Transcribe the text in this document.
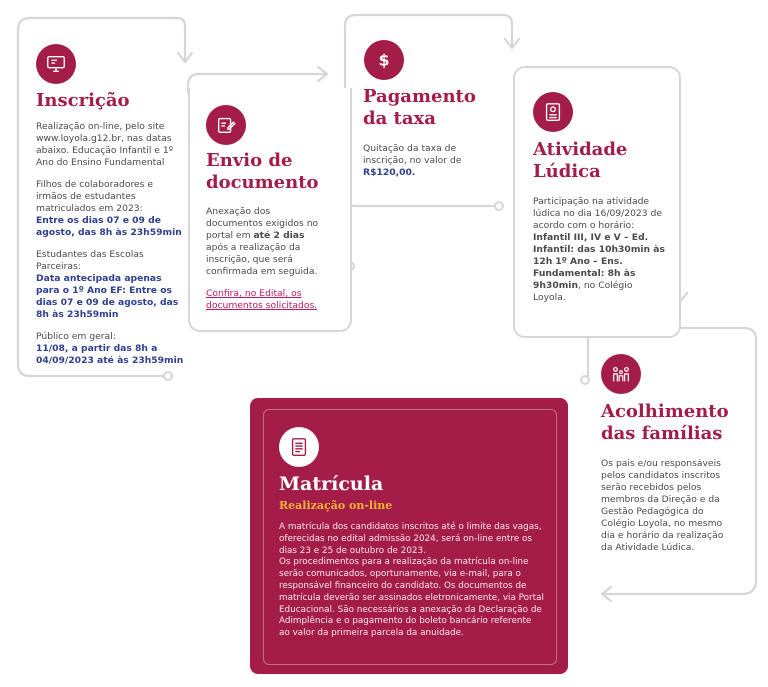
Inscrição

Realização on-line, pelo site www.loyola.g12.br, nas datas abaixo. Educação Infantil e 1º Ano do Ensino Fundamental

Filhos de colaboradores e irmãos de estudantes matriculados em 2023:
Entre os dias 07 e 09 de agosto, das 8h às 23h59min

Estudantes das Escolas Parceiras:
Data antecipada apenas para o 1º Ano EF: Entre os dias 07 e 09 de agosto, das 8h às 23h59min

Público em geral:
11/08, a partir das 8h a 04/09/2023 até às 23h59min

Envio de
documento

Anexação dos documentos exigidos no portal em até 2 dias após a realização da inscrição, que será confirmada em seguida.

Confira, no Edital, os documentos solicitados.

$
Pagamento
da taxa
Quitação da taxa de inscrição, no valor de
R$120,00.
Atividade
Lúdica
Participação na atividade lúdica no dia 16/09/2023 de acordo com o horário: Infantil III, IV e V – Ed. Infantil: das 10h30min às 12h 1º Ano – Ens. Fundamental: 8h às 9h30min, no Colégio Loyola.
Acolhimento
das famílias
Os pais e/ou responsáveis pelos candidatos inscritos serão recebidos pelos membros da Direção e da Gestão Pedagógica do Colégio Loyola, no mesmo dia e horário da realização da Atividade Lúdica.
Matrícula
Realização on-line

A matrícula dos candidatos inscritos até o limite das vagas, oferecidas no edital admissão 2024, será on-line entre os dias 23 e 25 de outubro de 2023.

Os procedimentos para a realização da matrícula on-line serão comunicados, oportunamente, via e-mail, para o responsável financeiro do candidato. Os documentos de matrícula deverão ser assinados eletronicamente, via Portal Educacional. São necessários a anexação da Declaração de Adimplência e o pagamento do boleto bancário referente ao valor da primeira parcela da anuidade.
